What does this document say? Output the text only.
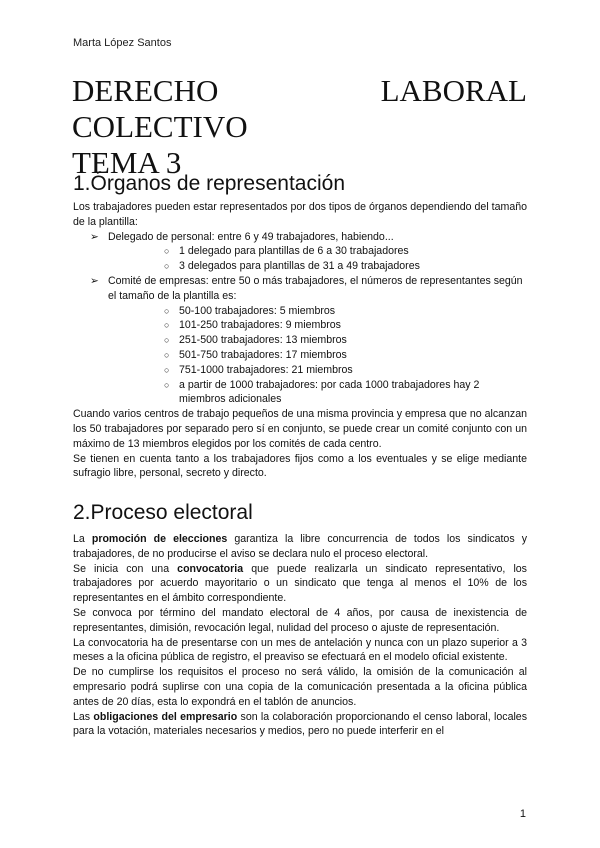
Marta López Santos
DERECHO LABORAL COLECTIVO
TEMA 3
1.Órganos de representación

Los trabajadores pueden estar representados por dos tipos de órganos dependiendo del tamaño de la plantilla:

➢ Delegado de personal: entre 6 y 49 trabajadores, habiendo...
○ 1 delegado para plantillas de 6 a 30 trabajadores
○ 3 delegados para plantillas de 31 a 49 trabajadores
➢ Comité de empresas: entre 50 o más trabajadores, el números de representantes según el tamaño de la plantilla es:
○ 50-100 trabajadores: 5 miembros
○ 101-250 trabajadores: 9 miembros
○ 251-500 trabajadores: 13 miembros
○ 501-750 trabajadores: 17 miembros
○ 751-1000 trabajadores: 21 miembros
○ a partir de 1000 trabajadores: por cada 1000 trabajadores hay 2 miembros adicionales

Cuando varios centros de trabajo pequeños de una misma provincia y empresa que no alcanzan los 50 trabajadores por separado pero sí en conjunto, se puede crear un comité conjunto con un máximo de 13 miembros elegidos por los comités de cada centro.

Se tienen en cuenta tanto a los trabajadores fijos como a los eventuales y se elige mediante sufragio libre, personal, secreto y directo.

2.Proceso electoral

La promoción de elecciones garantiza la libre concurrencia de todos los sindicatos y trabajadores, de no producirse el aviso se declara nulo el proceso electoral.

Se inicia con una convocatoria que puede realizarla un sindicato representativo, los trabajadores por acuerdo mayoritario o un sindicato que tenga al menos el 10% de los representantes en el ámbito correspondiente.

Se convoca por término del mandato electoral de 4 años, por causa de inexistencia de representantes, dimisión, revocación legal, nulidad del proceso o ajuste de representación.

La convocatoria ha de presentarse con un mes de antelación y nunca con un plazo superior a 3 meses a la oficina pública de registro, el preaviso se efectuará en el modelo oficial existente.

De no cumplirse los requisitos el proceso no será válido, la omisión de la comunicación al empresario podrá suplirse con una copia de la comunicación presentada a la oficina pública antes de 20 días, esta lo expondrá en el tablón de anuncios.

Las obligaciones del empresario son la colaboración proporcionando el censo laboral, locales para la votación, materiales necesarios y medios, pero no puede interferir en el

1
